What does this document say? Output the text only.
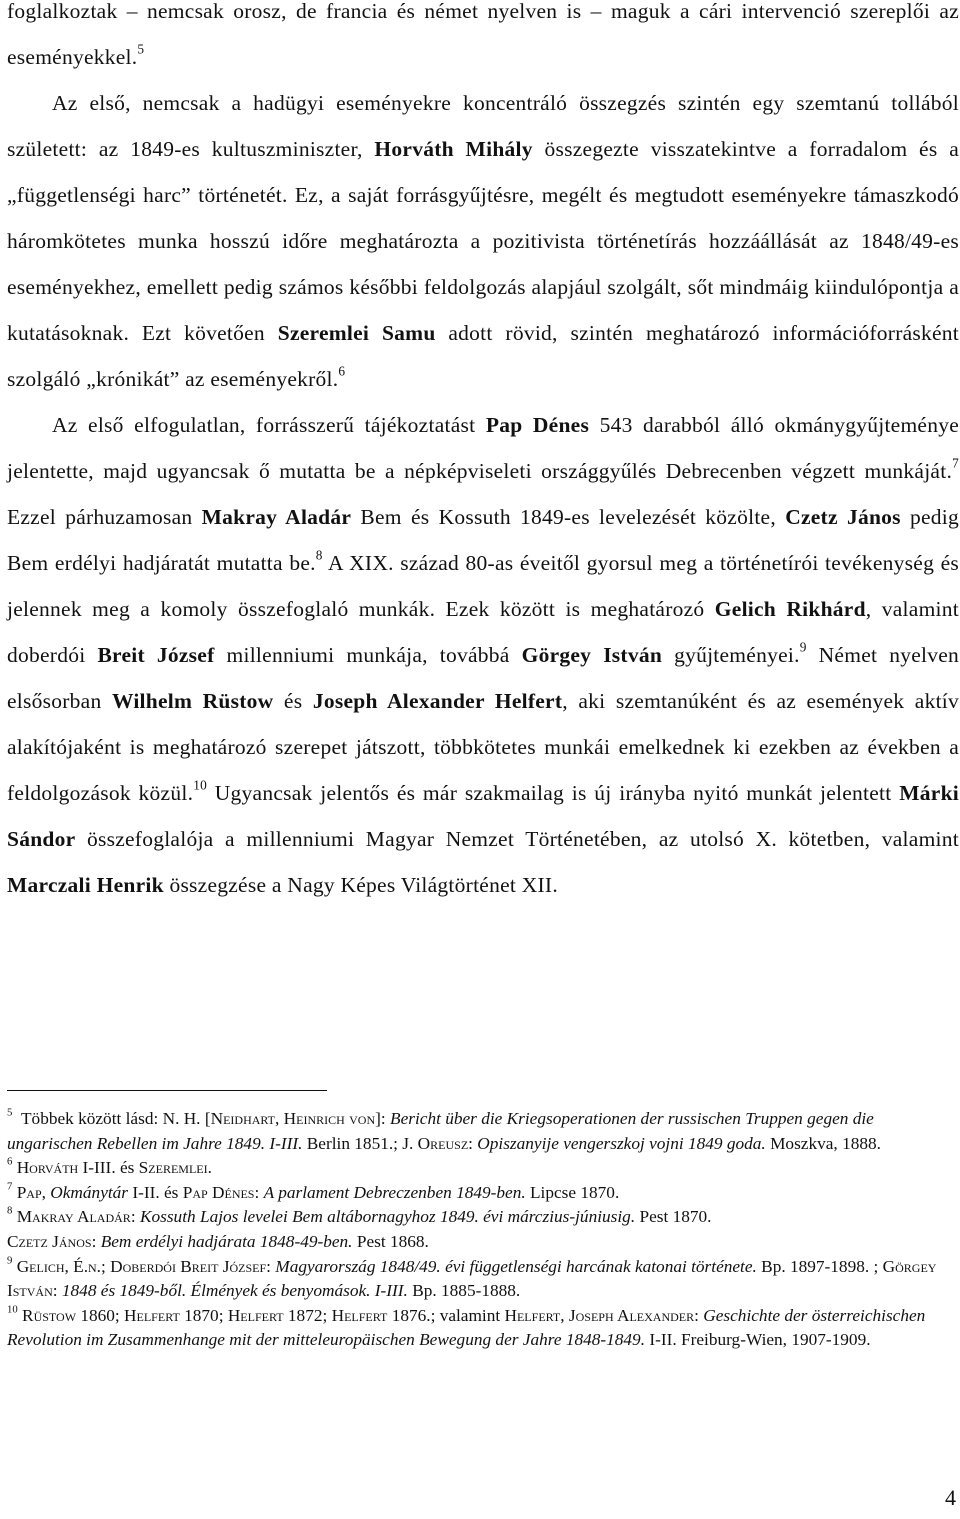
foglalkoztak – nemcsak orosz, de francia és német nyelven is – maguk a cári intervenció szereplői az eseményekkel.$^5$

Az első, nemcsak a hadügyi eseményekre koncentráló összegzés szintén egy szemtanú tollából született: az 1849-es kultuszminiszter, Horváth Mihály összegezte visszatekintve a forradalom és a „függetlenségi harc” történetét. Ez, a saját forrásgyűjtésre, megélt és megtudott eseményekre támaszkodó háromkötetes munka hosszú időre meghatározta a pozitivista történetírás hozzáállását az 1848/49-es eseményekhez, emellett pedig számos későbbi feldolgozás alapjául szolgált, sőt mindmáig kiindulópontja a kutatásoknak. Ezt követően Szeremlei Samu adott rövid, szintén meghatározó információforrásként szolgáló „krónikát” az eseményekről.$^6$

Az első elfogulatlan, forrásszerű tájékoztatást Pap Dénes 543 darabból álló okmánygyűjteménye jelentette, majd ugyancsak ő mutatta be a népképviseleti országgyűlés Debrecenben végzett munkáját.$^7$ Ezzel párhuzamosan Makray Aladár Bem és Kossuth 1849-es levelezését közölte, Czetz János pedig Bem erdélyi hadjáratát mutatta be.$^8$ A XIX. század 80-as éveitől gyorsul meg a történetírói tevékenység és jelennek meg a komoly összefoglaló munkák. Ezek között is meghatározó Gelich Rikhárd, valamint doberdói Breit József millenniumi munkája, továbbá Görgey István gyűjteményei.$^9$ Német nyelven elsősorban Wilhelm Rüstow és Joseph Alexander Helfert, aki szemtanúként és az események aktív alakítójaként is meghatározó szerepet játszott, többkötetes munkái emelkednek ki ezekben az években a feldolgozások közül.$^{10}$ Ugyancsak jelentős és már szakmailag is új irányba nyitó munkát jelentett Márki Sándor összefoglalója a millenniumi Magyar Nemzet Történetében, az utolsó X. kötetben, valamint Marczali Henrik összegzése a Nagy Képes Világtörténet XII.

$^5$ Többek között lásd: N. H. [Neidhart, Heinrich von]: Bericht über die Kriegsoperationen der russischen Truppen gegen die ungarischen Rebellen im Jahre 1849. I-III. Berlin 1851.; J. Oreusz: Opiszanyije vengerszkoj vojni 1849 goda. Moszkva, 1888.

$^6$ Horváth I-III. és Szeremlei.

$^7$ Pap, Okmánytár I-II. és Pap Dénes: A parlament Debreczenben 1849-ben. Lipcse 1870.

$^8$ Makray Aladár: Kossuth Lajos levelei Bem altábornagyhoz 1849. évi márczius-júniusig. Pest 1870.
Czetz János: Bem erdélyi hadjárata 1848-49-ben. Pest 1868.

$^9$ Gelich, É.n.; Doberdói Breit József: Magyarország 1848/49. évi függetlenségi harcának katonai története. Bp. 1897-1898. ; Görgey István: 1848 és 1849-ből. Élmények és benyomások. I-III. Bp. 1885-1888.

$^{10}$ Rüstow 1860; Helfert 1870; Helfert 1872; Helfert 1876.; valamint Helfert, Joseph Alexander: Geschichte der österreichischen Revolution im Zusammenhange mit der mitteleuropäischen Bewegung der Jahre 1848-1849. I-II. Freiburg-Wien, 1907-1909.

4
